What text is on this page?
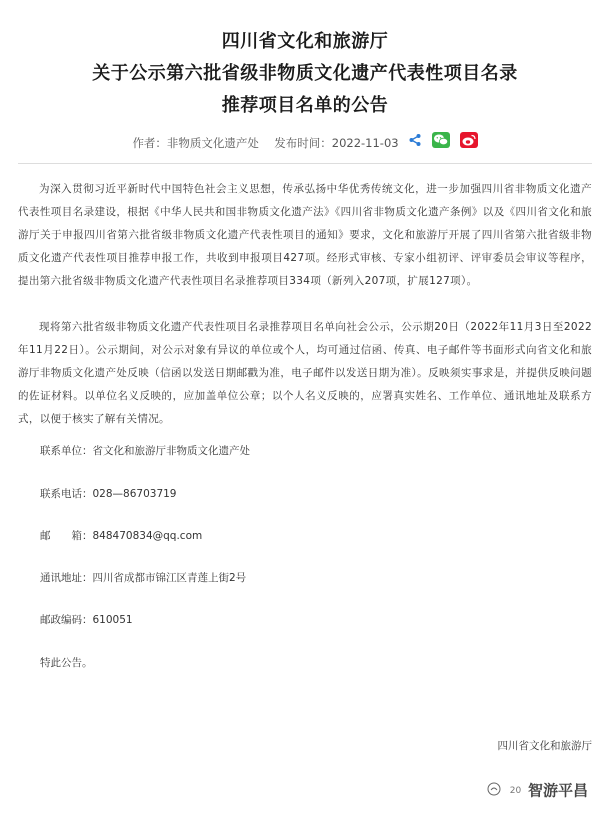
四川省文化和旅游厅
关于公示第六批省级非物质文化遗产代表性项目名录
推荐项目名单的公告
作者：非物质文化遗产处 发布时间：2022-11-03

为深入贯彻习近平新时代中国特色社会主义思想，传承弘扬中华优秀传统文化，进一步加强四川省非物质文化遗产代表性项目名录建设，根据《中华人民共和国非物质文化遗产法》《四川省非物质文化遗产条例》以及《四川省文化和旅游厅关于申报四川省第六批省级非物质文化遗产代表性项目的通知》要求，文化和旅游厅开展了四川省第六批省级非物质文化遗产代表性项目推荐申报工作，共收到申报项目427项。经形式审核、专家小组初评、评审委员会审议等程序，提出第六批省级非物质文化遗产代表性项目名录推荐项目334项（新列入207项，扩展127项）。

现将第六批省级非物质文化遗产代表性项目名录推荐项目名单向社会公示，公示期20日（2022年11月3日至2022年11月22日）。公示期间，对公示对象有异议的单位或个人，均可通过信函、传真、电子邮件等书面形式向省文化和旅游厅非物质文化遗产处反映（信函以发送日期邮戳为准，电子邮件以发送日期为准）。反映须实事求是，并提供反映问题的佐证材料。以单位名义反映的，应加盖单位公章；以个人名义反映的，应署真实姓名、工作单位、通讯地址及联系方式，以便于核实了解有关情况。

联系单位：省文化和旅游厅非物质文化遗产处
联系电话：028—86703719
邮　　箱：848470834@qq.com
通讯地址：四川省成都市锦江区青莲上街2号
邮政编码：610051
特此公告。
四川省文化和旅游厅
20 智游平昌
